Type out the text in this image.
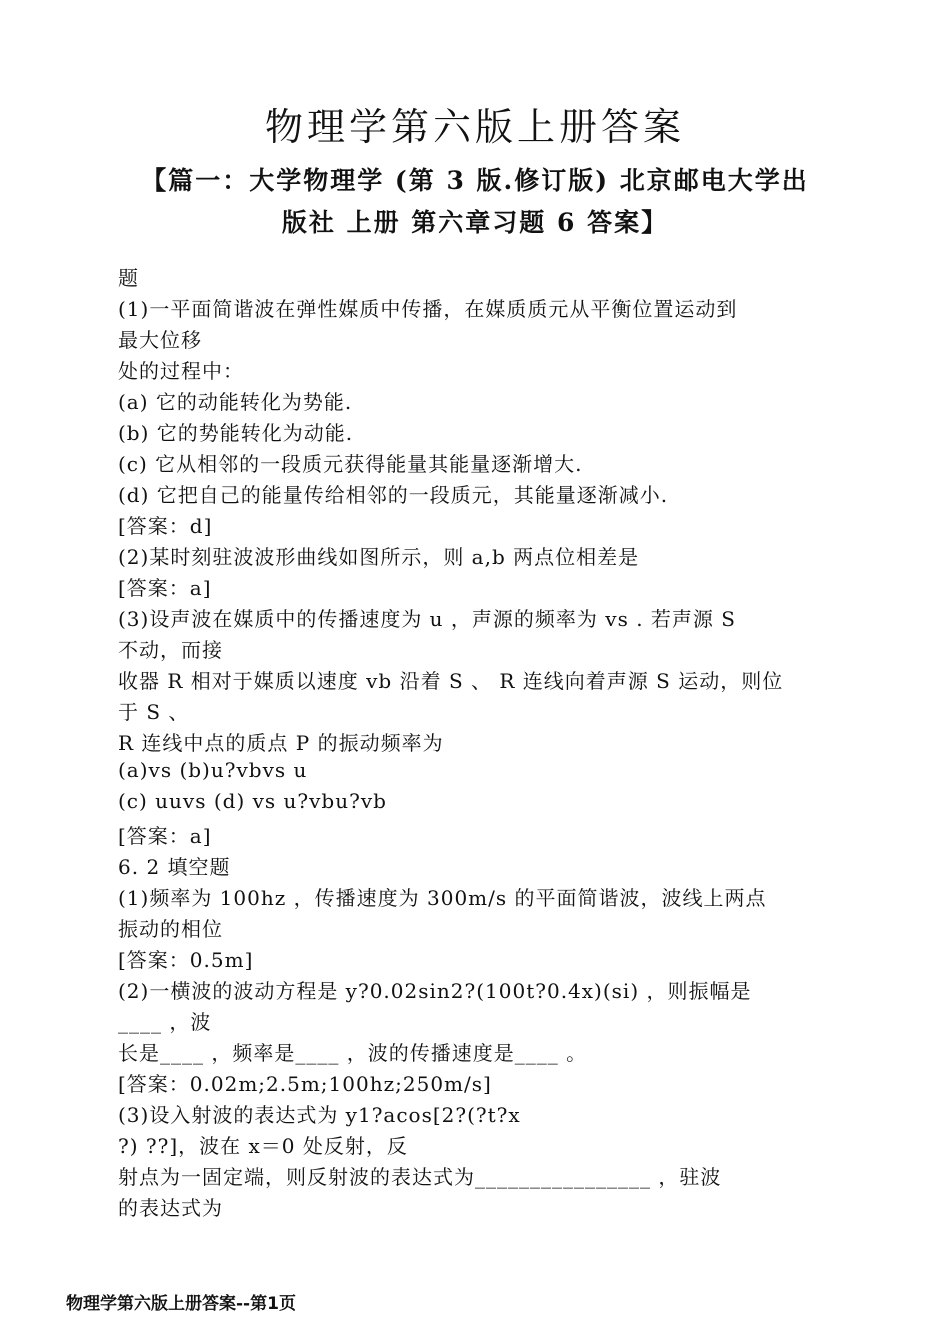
物理学第六版上册答案
【篇一：大学物理学 (第 3 版.修订版) 北京邮电大学出
版社 上册 第六章习题 6 答案】
题
(1)一平面简谐波在弹性媒质中传播，在媒质质元从平衡位置运动到
最大位移
处的过程中：
(a) 它的动能转化为势能.
(b) 它的势能转化为动能.
(c) 它从相邻的一段质元获得能量其能量逐渐增大.
(d) 它把自己的能量传给相邻的一段质元，其能量逐渐减小.
[答案：d]
(2)某时刻驻波波形曲线如图所示，则 a,b 两点位相差是
[答案：a]
(3)设声波在媒质中的传播速度为 u ，声源的频率为 vs . 若声源 S
不动，而接
收器 R 相对于媒质以速度 vb 沿着 S 、 R 连线向着声源 S 运动，则位
于 S 、
R 连线中点的质点 P 的振动频率为
(a)vs (b)u?vbvs u
(c) uuvs (d) vs u?vbu?vb
[答案：a]
6. 2 填空题
(1)频率为 100hz ，传播速度为 300m/s 的平面简谐波，波线上两点
振动的相位
[答案：0.5m]
(2)一横波的波动方程是 y?0.02sin2?(100t?0.4x)(si) ，则振幅是
____ ，波
长是____ ，频率是____ ，波的传播速度是____ 。
[答案：0.02m;2.5m;100hz;250m/s]
(3)设入射波的表达式为 y1?acos[2?(?t?x
?) ??]，波在 x＝0 处反射，反
射点为一固定端，则反射波的表达式为________________ ，驻波
的表达式为
物理学第六版上册答案--第1页
